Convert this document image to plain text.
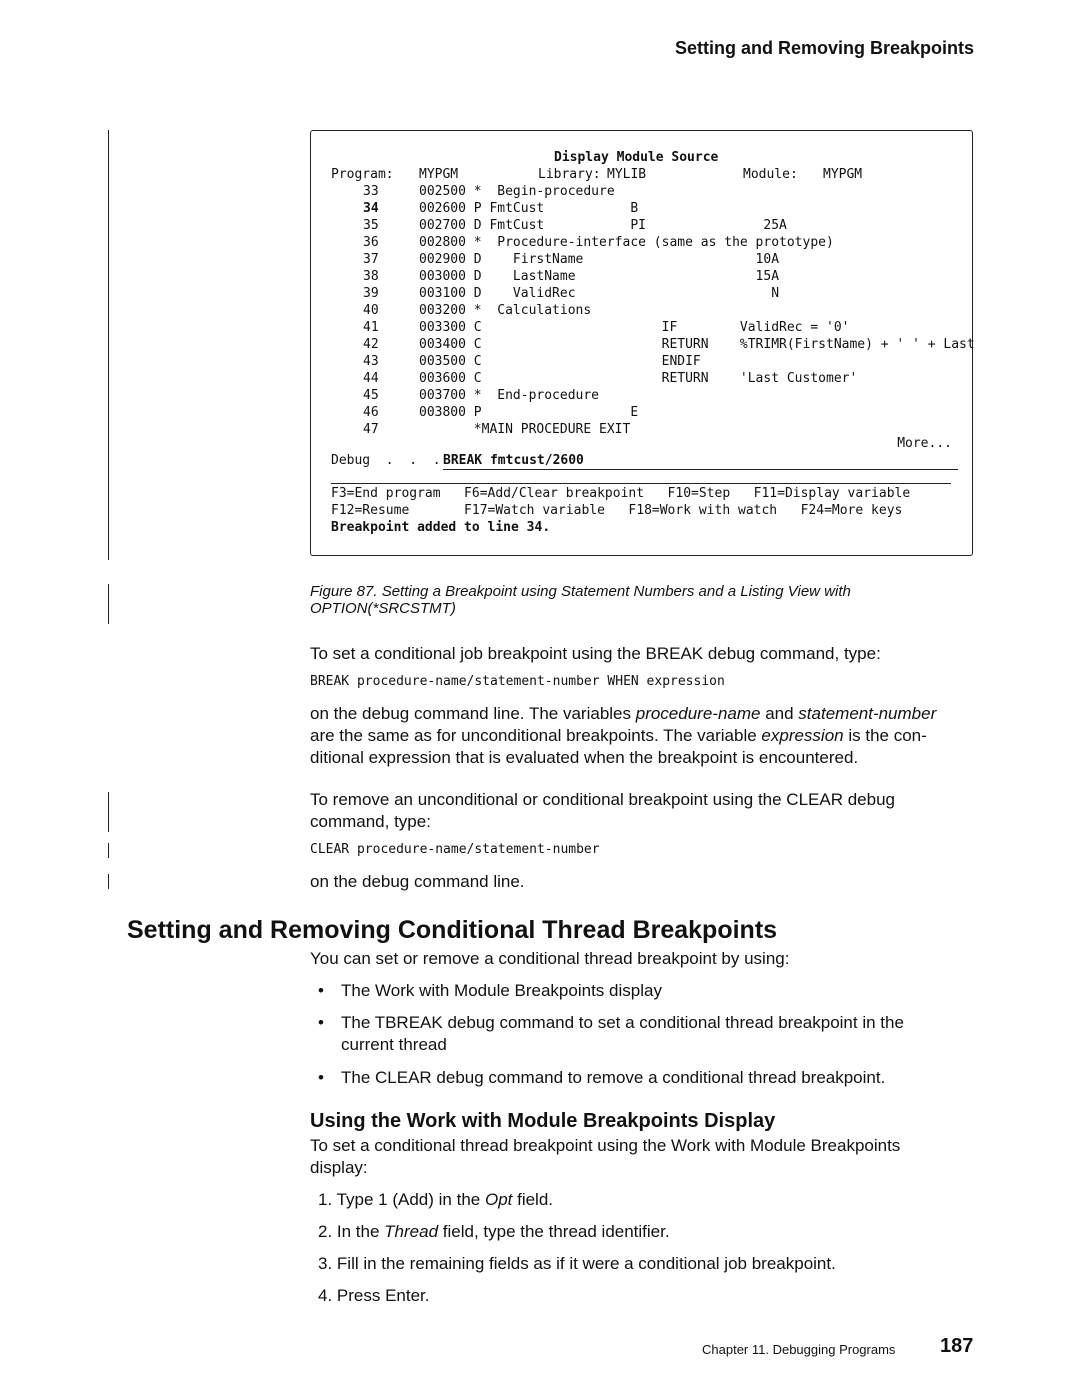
Setting and Removing Breakpoints
Display Module Source
Program: MYPGM	Library: MYLIB	Module: MYPGM
33	002500 *  Begin-procedure
34	002600 P FmtCust           B
35	002700 D FmtCust           PI               25A
36	002800 *  Procedure-interface (same as the prototype)
37	002900 D    FirstName                      10A
38	003000 D    LastName                       15A
39	003100 D    ValidRec                         N
40	003200 *  Calculations
41	003300 C                       IF        ValidRec = '0'
42	003400 C                       RETURN    %TRIMR(FirstName) + ' ' + Last
43	003500 C                       ENDIF
44	003600 C                       RETURN    'Last Customer'
45	003700 *  End-procedure
46	003800 P                   E
47	*MAIN PROCEDURE EXIT
More...
Debug  .  .  . BREAK fmtcust/2600
F3=End program   F6=Add/Clear breakpoint   F10=Step   F11=Display variable
F12=Resume       F17=Watch variable   F18=Work with watch   F24=More keys
Breakpoint added to line 34.
Figure 87. Setting a Breakpoint using Statement Numbers and a Listing View with
OPTION(*SRCSTMT)
To set a conditional job breakpoint using the BREAK debug command, type:
BREAK procedure-name/statement-number WHEN expression
on the debug command line. The variables procedure-name and statement-number
are the same as for unconditional breakpoints. The variable expression is the con-
ditional expression that is evaluated when the breakpoint is encountered.
To remove an unconditional or conditional breakpoint using the CLEAR debug
command, type:
CLEAR procedure-name/statement-number
on the debug command line.
Setting and Removing Conditional Thread Breakpoints
You can set or remove a conditional thread breakpoint by using:
• The Work with Module Breakpoints display
• The TBREAK debug command to set a conditional thread breakpoint in the
current thread
• The CLEAR debug command to remove a conditional thread breakpoint.
Using the Work with Module Breakpoints Display
To set a conditional thread breakpoint using the Work with Module Breakpoints
display:
1. Type 1 (Add) in the Opt field.
2. In the Thread field, type the thread identifier.
3. Fill in the remaining fields as if it were a conditional job breakpoint.
4. Press Enter.
Chapter 11. Debugging Programs 187
